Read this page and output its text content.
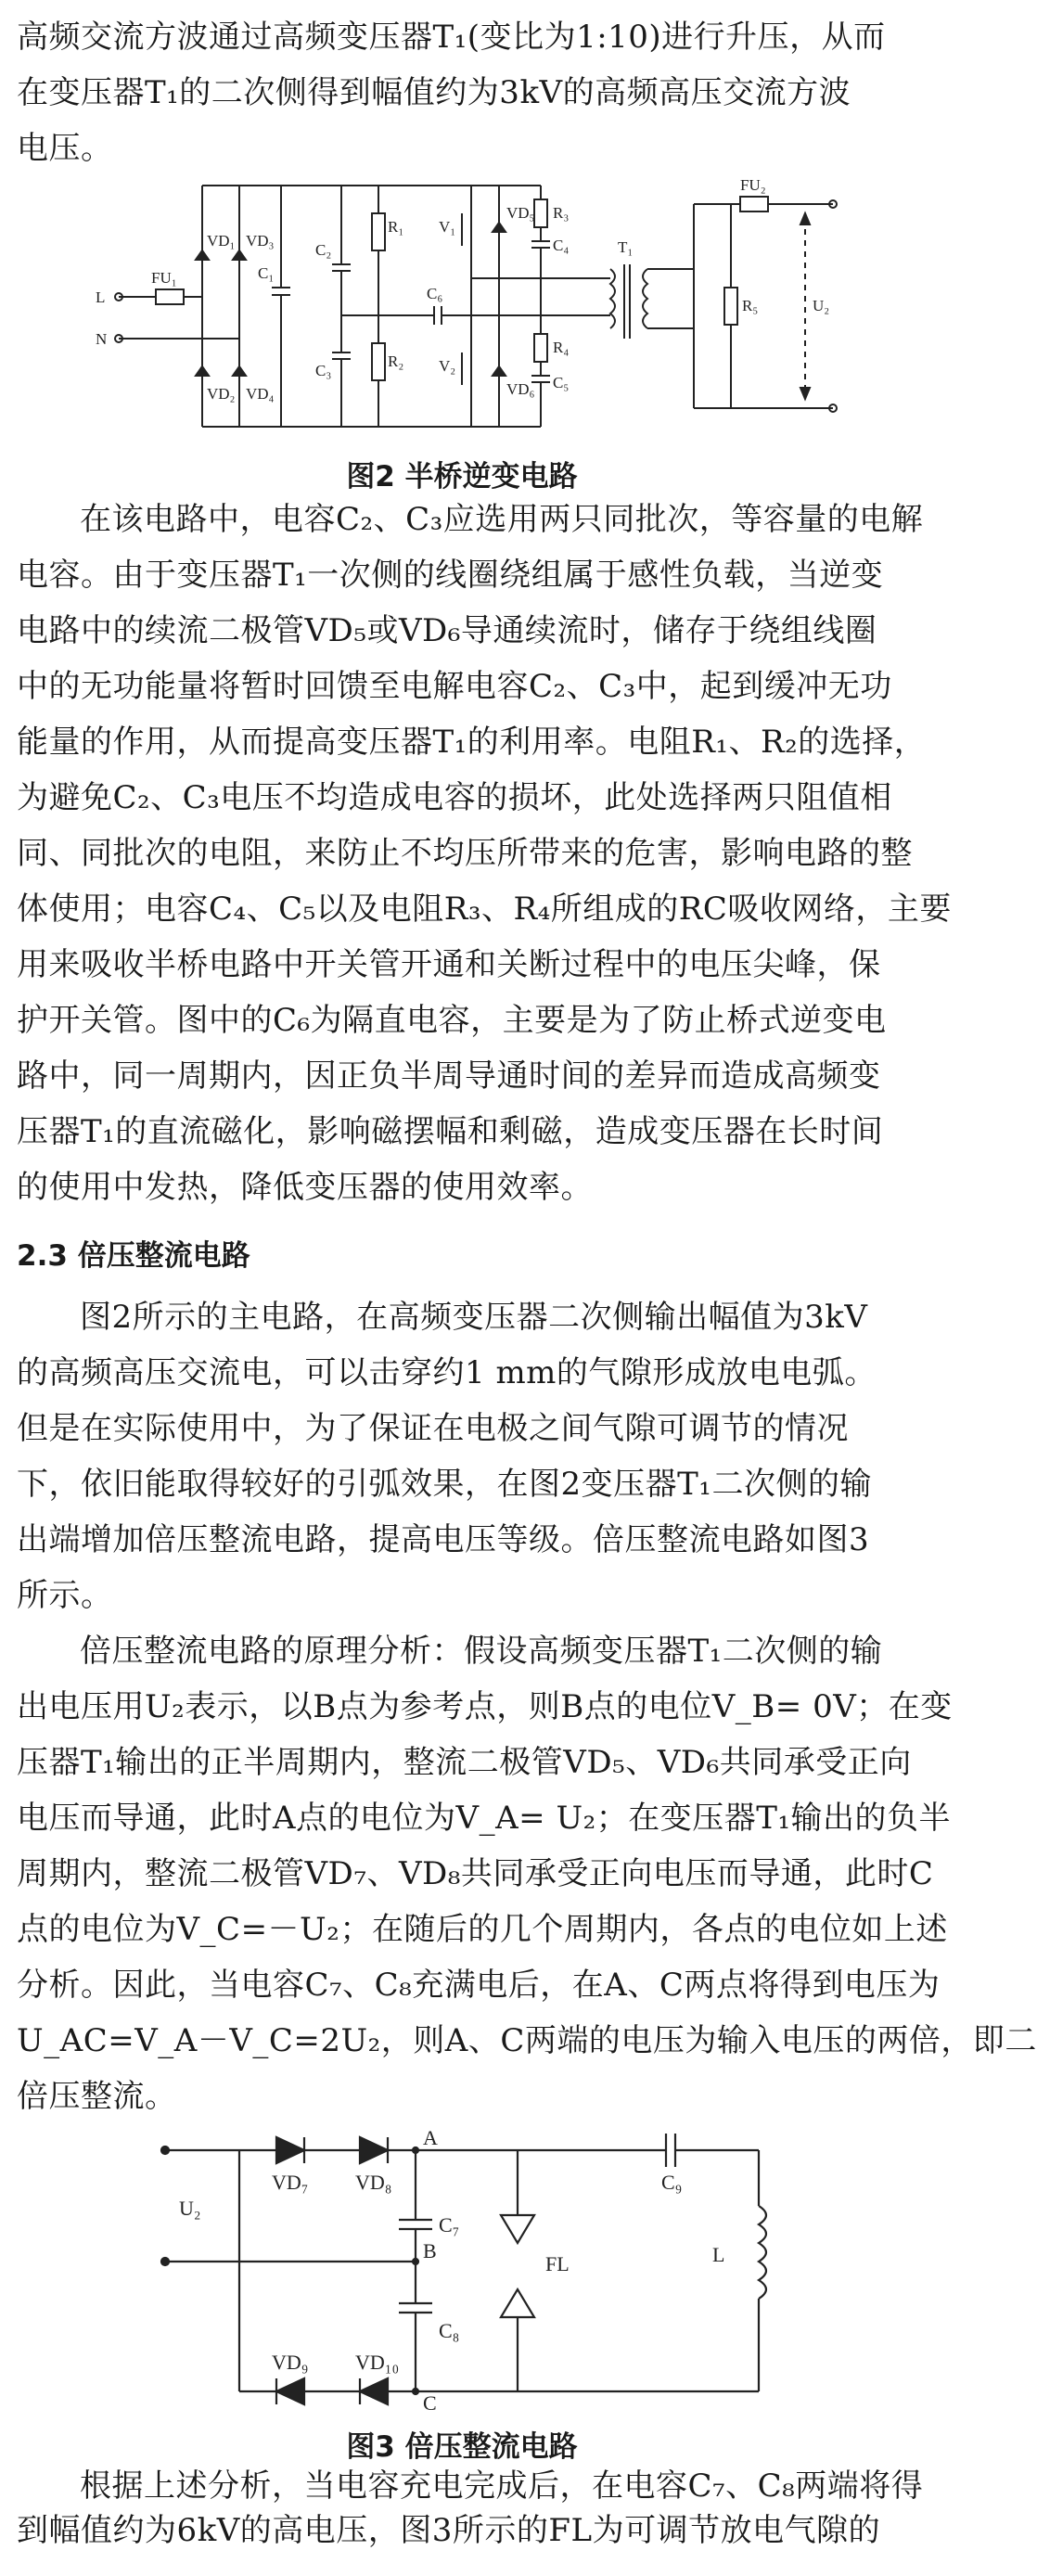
高频交流方波通过高频变压器T₁(变比为1:10)进行升压，从而
在变压器T₁的二次侧得到幅值约为3kV的高频高压交流方波
电压。
L
N
FU₁
VD₁
VD₂
VD₃
VD₄
C₁
C₂
C₃
R₁
R₂
C₆
V₁
V₂
VD₅
VD₆
R₃
C₄
R₄
C₅
T₁
FU₂
R₅	U₂
图2 半桥逆变电路
在该电路中，电容C₂、C₃应选用两只同批次，等容量的电解
电容。由于变压器T₁一次侧的线圈绕组属于感性负载，当逆变
电路中的续流二极管VD₅或VD₆导通续流时，储存于绕组线圈
中的无功能量将暂时回馈至电解电容C₂、C₃中，起到缓冲无功
能量的作用，从而提高变压器T₁的利用率。电阻R₁、R₂的选择，
为避免C₂、C₃电压不均造成电容的损坏，此处选择两只阻值相
同、同批次的电阻，来防止不均压所带来的危害，影响电路的整
体使用；电容C₄、C₅以及电阻R₃、R₄所组成的RC吸收网络，主要
用来吸收半桥电路中开关管开通和关断过程中的电压尖峰，保
护开关管。图中的C₆为隔直电容，主要是为了防止桥式逆变电
路中，同一周期内，因正负半周导通时间的差异而造成高频变
压器T₁的直流磁化，影响磁摆幅和剩磁，造成变压器在长时间
的使用中发热，降低变压器的使用效率。
2.3 倍压整流电路
图2所示的主电路，在高频变压器二次侧输出幅值为3kV
的高频高压交流电，可以击穿约1 mm的气隙形成放电电弧。
但是在实际使用中，为了保证在电极之间气隙可调节的情况
下，依旧能取得较好的引弧效果，在图2变压器T₁二次侧的输
出端增加倍压整流电路，提高电压等级。倍压整流电路如图3
所示。
倍压整流电路的原理分析：假设高频变压器T₁二次侧的输
出电压用U₂表示，以B点为参考点，则B点的电位V_B= 0V；在变
压器T₁输出的正半周期内，整流二极管VD₅、VD₆共同承受正向
电压而导通，此时A点的电位为V_A= U₂；在变压器T₁输出的负半
周期内，整流二极管VD₇、VD₈共同承受正向电压而导通，此时C
点的电位为V_C=－U₂；在随后的几个周期内，各点的电位如上述
分析。因此，当电容C₇、C₈充满电后，在A、C两点将得到电压为
U_AC=V_A－V_C=2U₂，则A、C两端的电压为输入电压的两倍，即二
倍压整流。
U₂
VD₇ VD₈
VD₉ VD₁₀
A
B
C
C₇
C₈
C₉
FL	L
图3 倍压整流电路
根据上述分析，当电容充电完成后，在电容C₇、C₈两端将得
到幅值约为6kV的高电压，图3所示的FL为可调节放电气隙的
